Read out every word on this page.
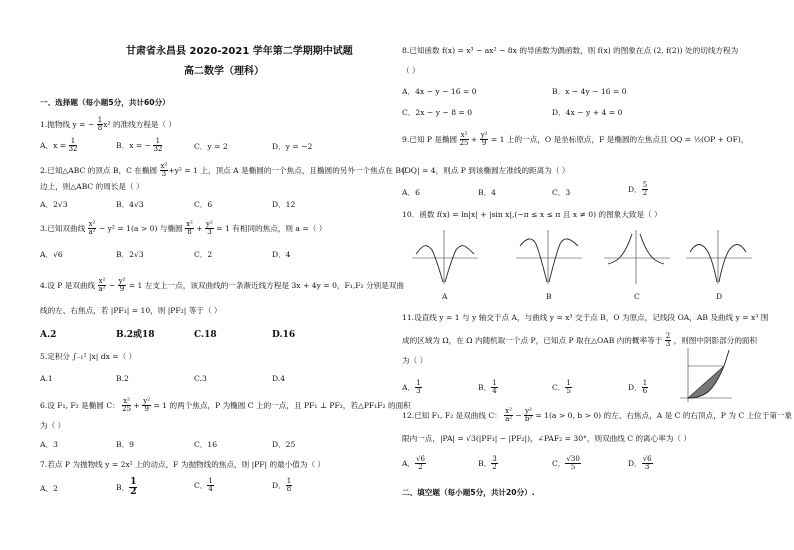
甘肃省永昌县 2020-2021 学年第二学期期中试题
高二数学（理科）
一、选择题（每小题5分，共计60分）
1.抛物线 y = − $\frac{1}{8} x^2$ 的准线方程是（ ）
A．$x = \frac{1}{32}$	B．x = − $\frac{1}{32}$	C．y = 2	D．y = −2
2.已知△ABC 的顶点 B，C 在椭圆 $\frac{\text{x²}}{3} +y^2 = 1$ 上，顶点 A 是椭圆的一个焦点，且椭圆的另外一个焦点在 BC
边上，则△ABC 的周长是（ ）
A．2√3	B．4√3	C．6	D．12
3.已知双曲线 $\frac{\text{x²}}{\text{a²}} - y^2 = 1(a > 0)$ 与椭圆 $\frac{\text{x²}}{8} + \frac{\text{y²}}{3} = 1$ 有相同的焦点，则 a =（ ）
A．√6	B．2√3	C．2	D．4
4.设 P 是双曲线 $\frac{\text{x²}}{\text{a²}} - \frac{\text{y²}}{9} = 1$ 左支上一点，该双曲线的一条渐近线方程是 3x + 4y = 0，F₁,F₂ 分别是双曲
线的左、右焦点，若 |PF₁| = 10，则 |PF₂| 等于（ ）
A.2	B.2或18	C.18	D.16
5.定积分 ∫₋₁² |x| dx =（ ）
A.1	B.2	C.3	D.4
6.设 F₁, F₂ 是椭圆 C： $\frac{\text{x²}}{25} + \frac{\text{y²}}{9} = 1$ 的两个焦点，P 为椭圆 C 上的一点，且 PF₁ ⊥ PF₂，若△PF₁F₂ 的面积
为（ ）
A．3	B．9	C．16	D．25
7.若点 P 为抛物线 y = 2x² 上的动点，F 为抛物线的焦点，则 |PF| 的最小值为（ ）
A．2	B． $\frac{1}{2}$	C． $\frac{1}{4}$	D． $\frac{1}{8}$
8.已知函数 f(x) = x³ − ax² − 8x 的导函数为偶函数，则 f(x) 的图象在点 (2, f(2)) 处的切线方程为
（ ）
A．4x − y − 16 = 0	B．x − 4y − 16 = 0
C．2x − y − 8 = 0	D．4x − y + 4 = 0
9.已知 P 是椭圆 $\frac{\text{x²}}{25} + \frac{\text{y²}}{9} = 1$ 上的一点，O 是坐标原点，F 是椭圆的左焦点且 OQ = ½(OP + OF)，
|OQ| = 4，则点 P 到该椭圆左准线的距离为（ ）
A．6	B．4	C．3	D． $\frac{5}{2}$
10．函数 f(x) = ln|x| + |sin x|,(−π ≤ x ≤ π 且 x ≠ 0) 的图象大致是（ ）
A	B	C	D
11.设直线 y = 1 与 y 轴交于点 A，与曲线 y = x³ 交于点 B，O 为原点，记线段 OA，AB 及曲线 y = x³ 围
成的区域为 Ω，在 Ω 内随机取一个点 P，已知点 P 取在△OAB 内的概率等于 $\frac{2}{3}$ ，则图中阴影部分的面积
为（ ）
A． $\frac{1}{3}$	B． $\frac{1}{4}$	C． $\frac{1}{5}$	D． $\frac{1}{6}$
12.已知 F₁, F₂ 是双曲线 C： $\frac{\text{x²}}{\text{a²}} - \frac{\text{y²}}{\text{b²}} = 1(a > 0$, b > 0) 的左、右焦点，A 是 C 的右顶点，P 为 C 上位于第一象
限内一点，|PA| = √3(|PF₁| − |PF₂|)，∠PAF₂ = 30°，则双曲线 C 的离心率为（ ）
A． $\frac{√6}{2}$	B． $\frac{3}{2}$	C． $\frac{√30}{5}$	D． $\frac{√6}{3}$
二、填空题（每小题5分，共计20分）.
